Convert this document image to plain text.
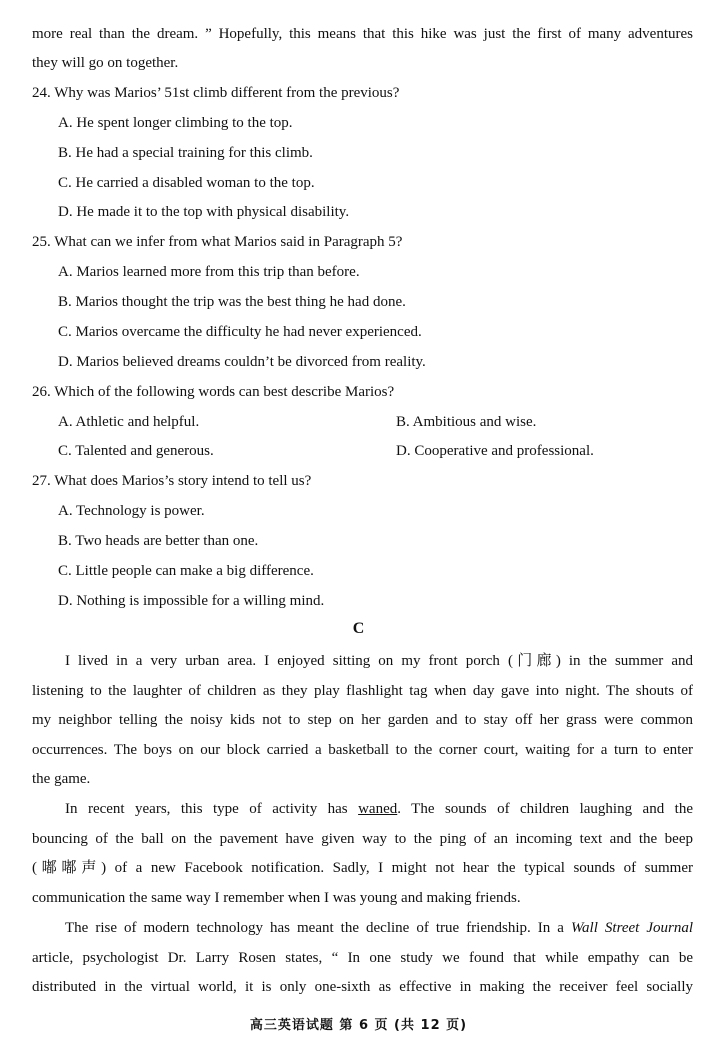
more real than the dream. ” Hopefully, this means that this hike was just the first of many adventures
they will go on together.
24. Why was Marios’ 51st climb different from the previous?
A. He spent longer climbing to the top.
B. He had a special training for this climb.
C. He carried a disabled woman to the top.
D. He made it to the top with physical disability.
25. What can we infer from what Marios said in Paragraph 5?
A. Marios learned more from this trip than before.
B. Marios thought the trip was the best thing he had done.
C. Marios overcame the difficulty he had never experienced.
D. Marios believed dreams couldn’t be divorced from reality.
26. Which of the following words can best describe Marios?
A. Athletic and helpful.	B. Ambitious and wise.
C. Talented and generous.	D. Cooperative and professional.
27. What does Marios’s story intend to tell us?
A. Technology is power.
B. Two heads are better than one.
C. Little people can make a big difference.
D. Nothing is impossible for a willing mind.
C
I lived in a very urban area. I enjoyed sitting on my front porch (门廊) in the summer and
listening to the laughter of children as they play flashlight tag when day gave into night. The shouts of
my neighbor telling the noisy kids not to step on her garden and to stay off her grass were common
occurrences. The boys on our block carried a basketball to the corner court, waiting for a turn to enter
the game.
In recent years, this type of activity has waned. The sounds of children laughing and the
bouncing of the ball on the pavement have given way to the ping of an incoming text and the beep
(嘟嘟声) of a new Facebook notification. Sadly, I might not hear the typical sounds of summer
communication the same way I remember when I was young and making friends.
The rise of modern technology has meant the decline of true friendship. In a Wall Street Journal
article, psychologist Dr. Larry Rosen states, “ In one study we found that while empathy can be
distributed in the virtual world, it is only one-sixth as effective in making the receiver feel socially
高三英语试题 第 6 页 (共 12 页)
